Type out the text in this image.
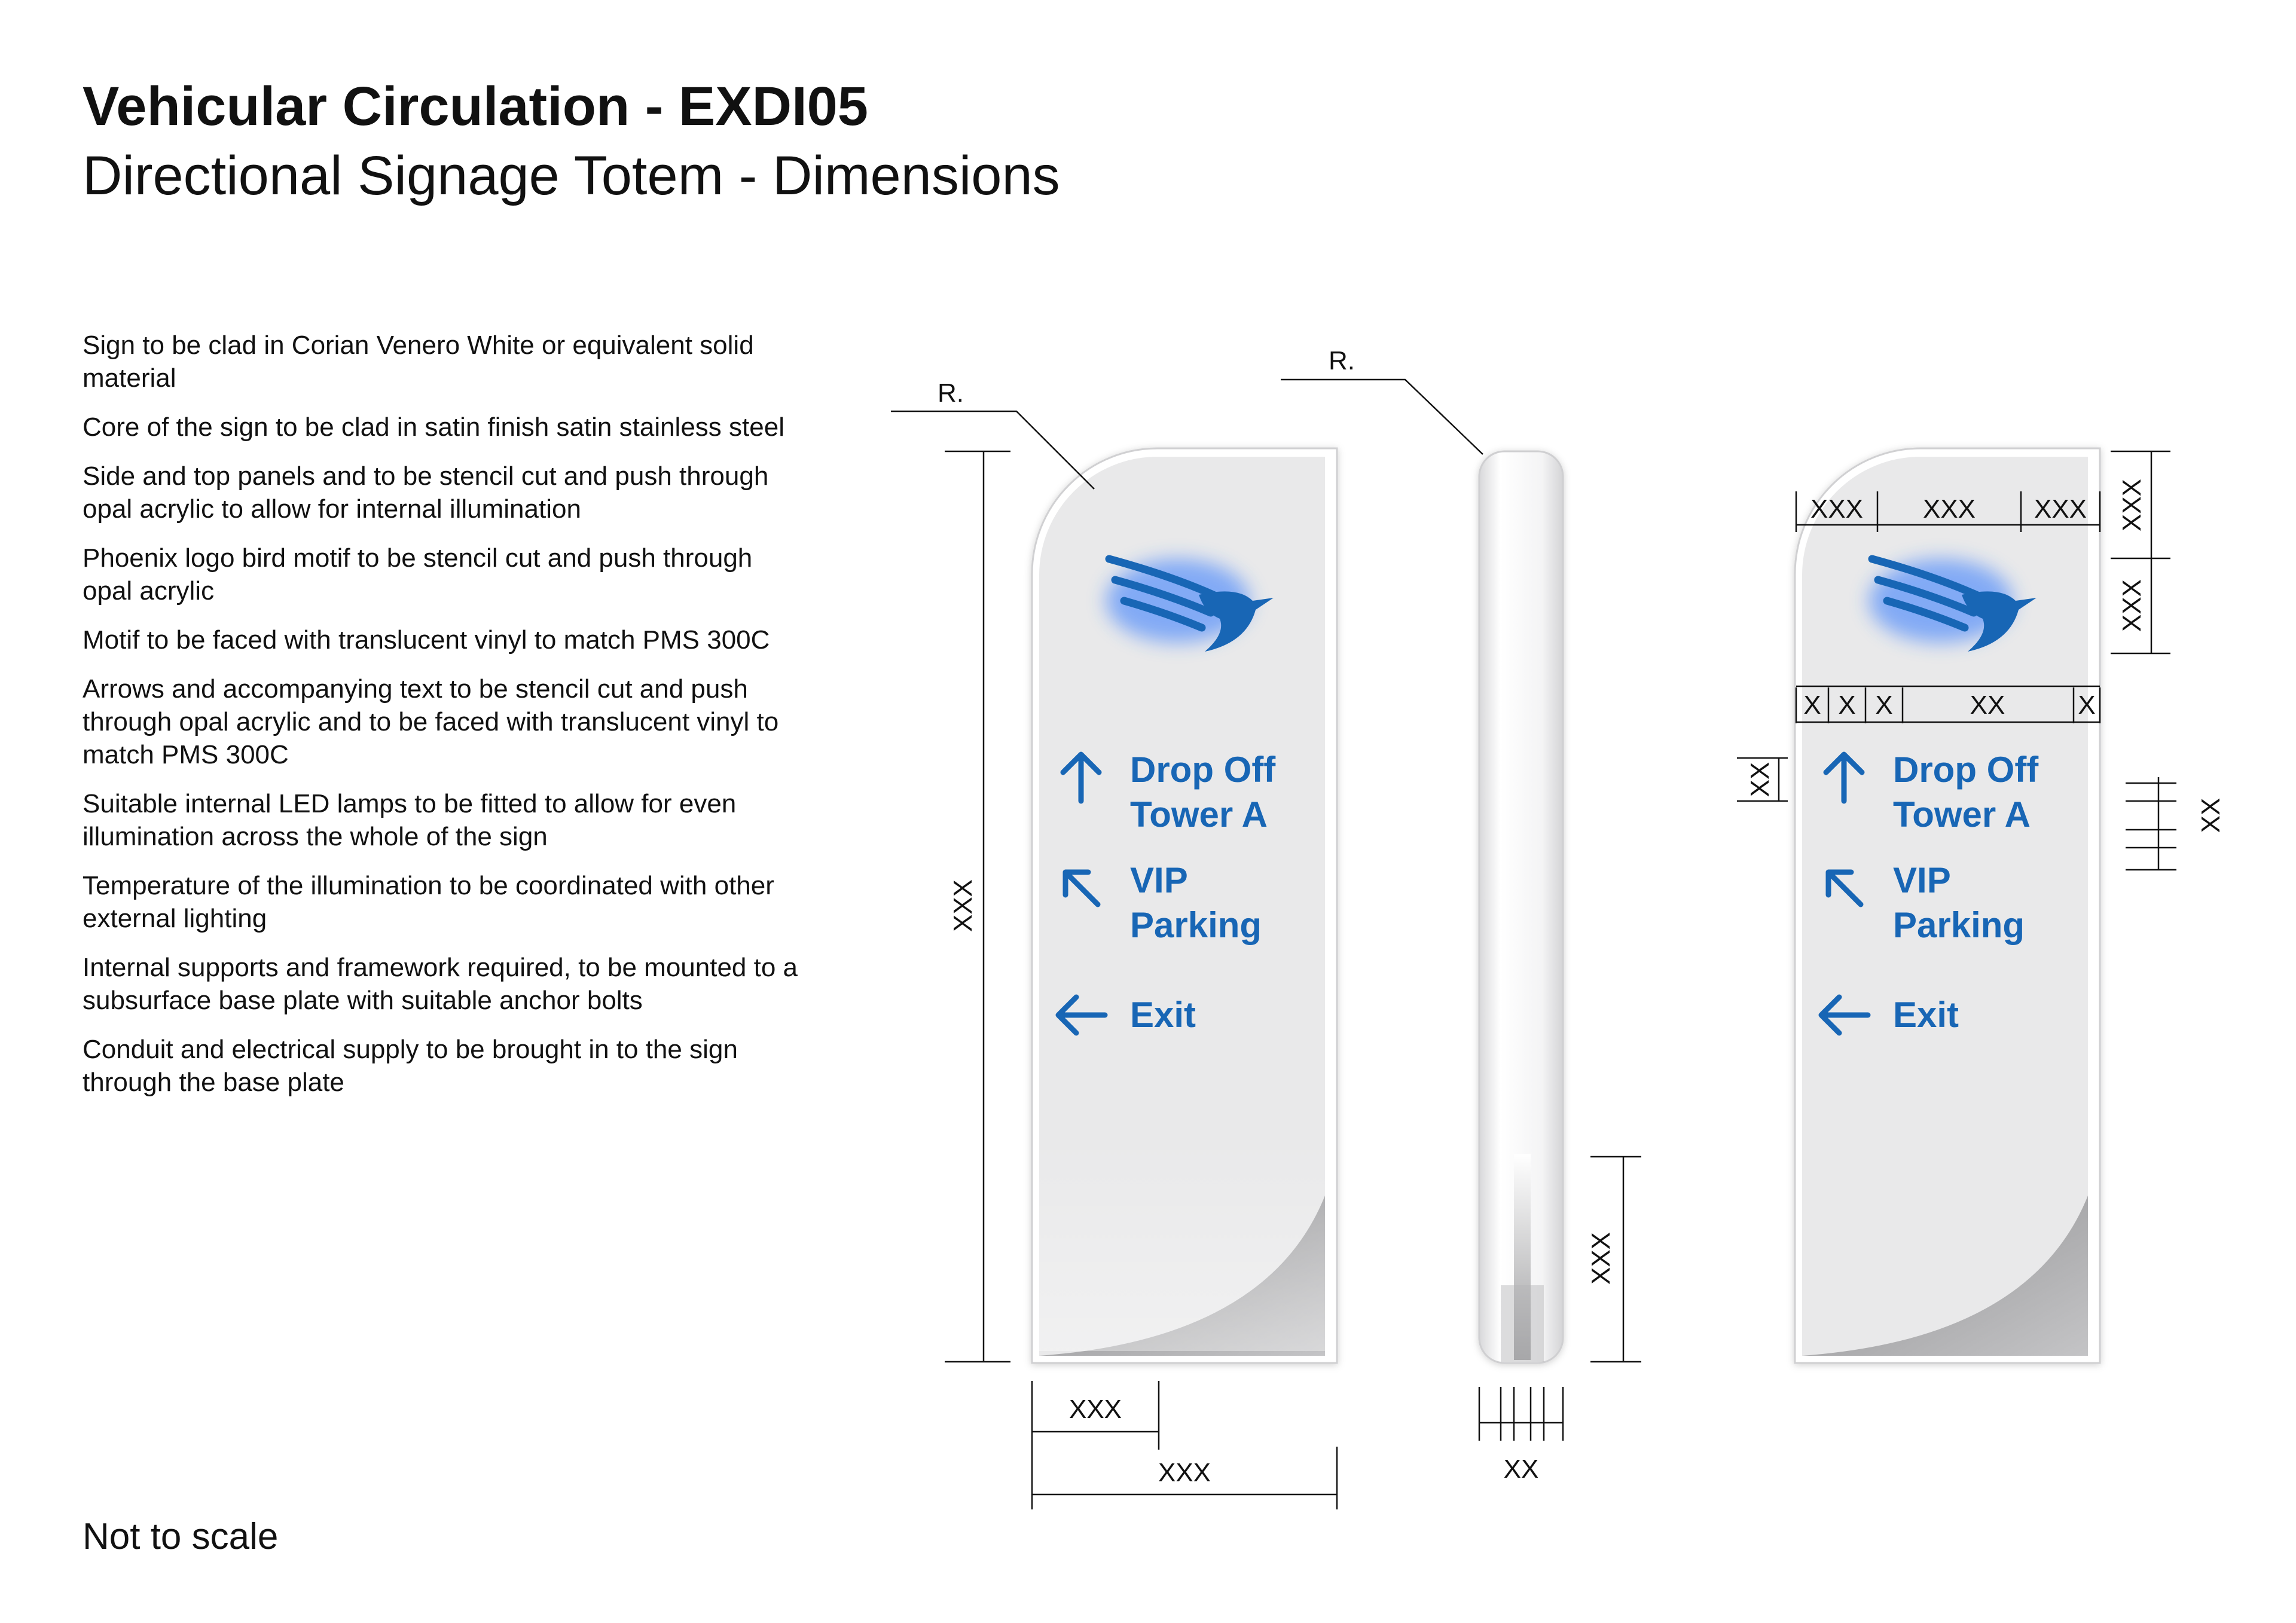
Vehicular Circulation - EXDI05
Directional Signage Totem - Dimensions
Sign to be clad in Corian Venero White or equivalent solid material
Core of the sign to be clad in satin finish satin stainless steel
Side and top panels and to be stencil cut and push through opal acrylic to allow for internal illumination
Phoenix logo bird motif to be stencil cut and push through opal acrylic
Motif to be faced with translucent vinyl to match PMS 300C
Arrows and accompanying text to be stencil cut and push through opal acrylic and to be faced with translucent vinyl to match PMS 300C
Suitable internal LED lamps to be fitted to allow for even illumination across the whole of the sign
Temperature of the illumination to be coordinated with other external lighting
Internal supports and framework required, to be mounted to a subsurface base plate with suitable anchor bolts
Conduit and electrical supply to be brought in to the sign through the base plate

Not to scale

Drop Off
Tower A
VIP
Parking
Exit
R.
XXX
XXX
XXX
R.
XXX
XX
Drop Off
Tower A
VIP
Parking
Exit
XXX XXX XXX XXX
XXX
X X X	XX	X
XX
XX
